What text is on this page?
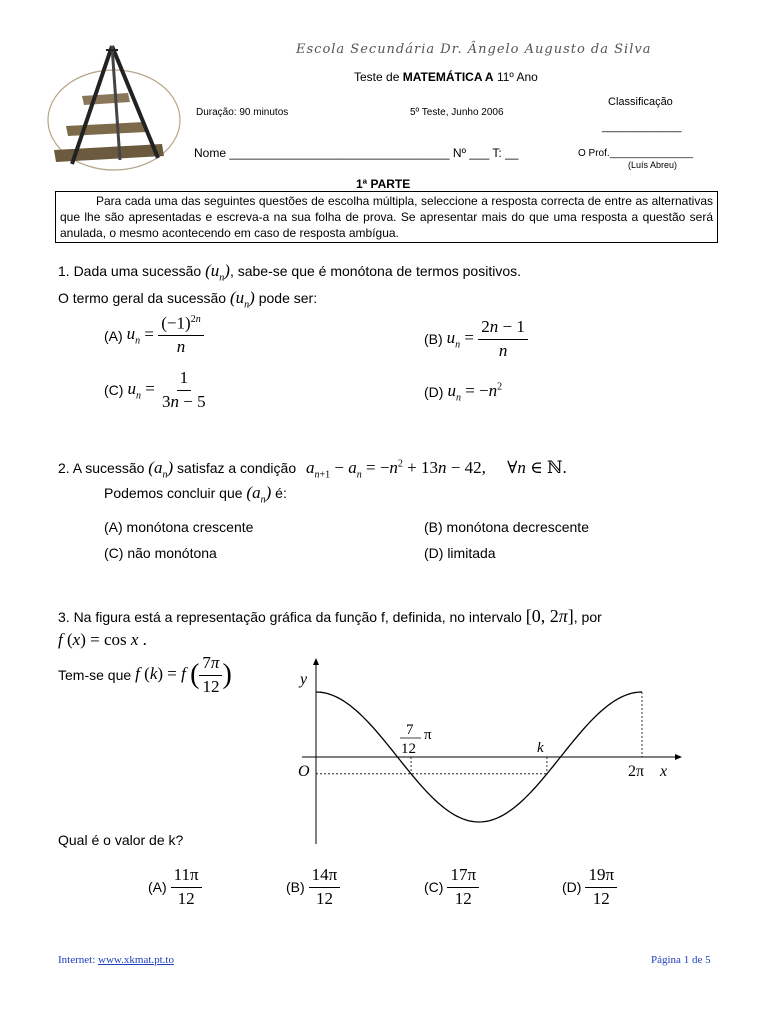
Escola Secundária Dr. Ângelo Augusto da Silva
Teste de MATEMÁTICA A 11º Ano
Duração: 90 minutos	5º Teste, Junho 2006
Classificação
_____________
Nome _________________________________ Nº ___ T: __	O Prof._______________
(Luís Abreu)
1ª PARTE
Para cada uma das seguintes questões de escolha múltipla, seleccione a resposta correcta de entre as alternativas que lhe são apresentadas e escreva-a na sua folha de prova. Se apresentar mais do que uma resposta a questão será anulada, o mesmo acontecendo em caso de resposta ambígua.
1. Dada uma sucessão $(u_n)$, sabe-se que é monótona de termos positivos.
O termo geral da sucessão $(u_n)$ pode ser:
(A) $u_n = \frac{(-1)^{2n}}{n}$	(B) $u_n = \frac{2n - 1}{n}$
(C) $u_n = \frac{1}{3n - 5}$	(D) $u_n = -n^2$
2. A sucessão $(a_n)$ satisfaz a condição $a_{n+1} - a_n = -n^2 + 13n - 42$,     ∀n ∈ ℕ.
Podemos concluir que $(a_n)$ é:
(A) monótona crescente	(B) monótona decrescente
(C) não monótona	(D) limitada
3. Na figura está a representação gráfica da função f, definida, no intervalo [0, 2π], por
f (x) = cos x .
Tem-se que f (k) = f ( $\frac{7\pi}{12}$ )	y
x
O	2π
k
7
12
π
Qual é o valor de k?
$(A) \frac{11\pi}{12}$	$(B) \frac{14\pi}{12}$	$(C) \frac{17\pi}{12}$	$(D) \frac{19\pi}{12}$
Internet: www.xkmat.pt.to	Página 1 de 5
